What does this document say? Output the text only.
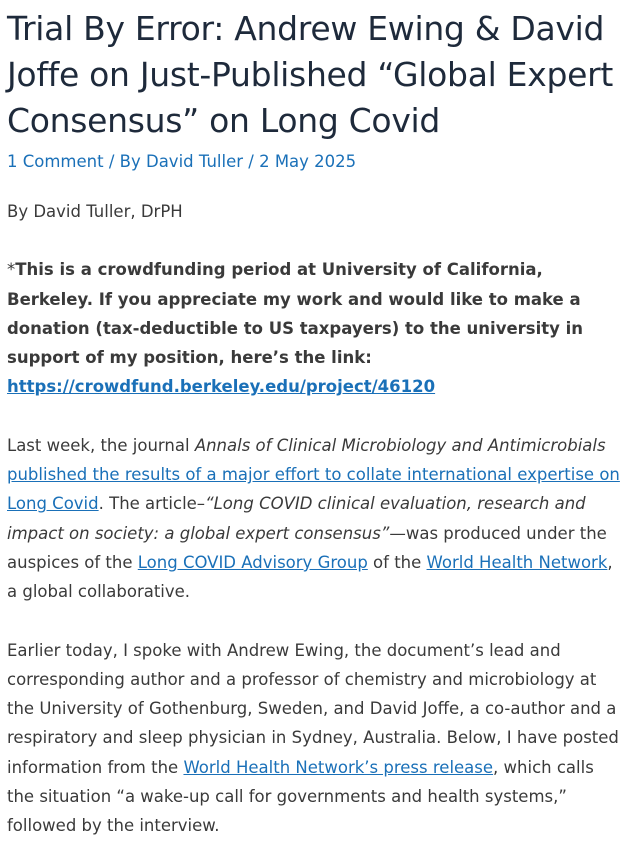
Trial By Error: Andrew Ewing & David Joffe on Just-Published “Global Expert Consensus” on Long Covid
1 Comment / By David Tuller / 2 May 2025

By David Tuller, DrPH

*This is a crowdfunding period at University of California, Berkeley. If you appreciate my work and would like to make a donation (tax-deductible to US taxpayers) to the university in support of my position, here’s the link: https://crowdfund.berkeley.edu/project/46120

Last week, the journal Annals of Clinical Microbiology and Antimicrobials published the results of a major effort to collate international expertise on Long Covid. The article–“Long COVID clinical evaluation, research and impact on society: a global expert consensus”—was produced under the auspices of the Long COVID Advisory Group of the World Health Network, a global collaborative.

Earlier today, I spoke with Andrew Ewing, the document’s lead and corresponding author and a professor of chemistry and microbiology at the University of Gothenburg, Sweden, and David Joffe, a co-author and a respiratory and sleep physician in Sydney, Australia. Below, I have posted information from the World Health Network’s press release, which calls the situation “a wake-up call for governments and health systems,” followed by the interview.
